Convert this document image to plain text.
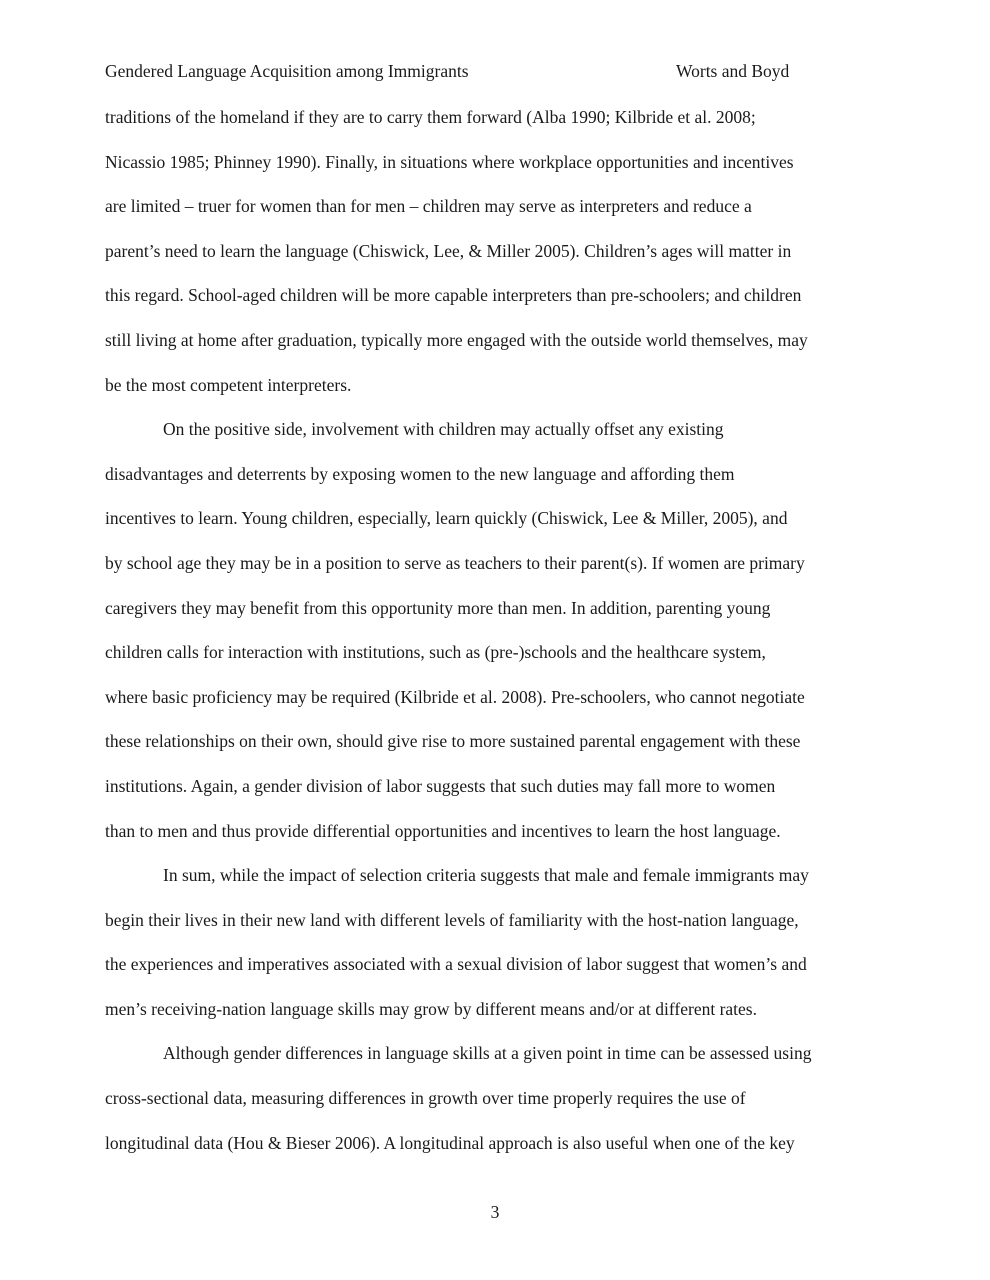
Gendered Language Acquisition among Immigrants	Worts and Boyd
traditions of the homeland if they are to carry them forward (Alba 1990; Kilbride et al. 2008;
Nicassio 1985; Phinney 1990). Finally, in situations where workplace opportunities and incentives
are limited – truer for women than for men – children may serve as interpreters and reduce a
parent’s need to learn the language (Chiswick, Lee, & Miller 2005). Children’s ages will matter in
this regard. School-aged children will be more capable interpreters than pre-schoolers; and children
still living at home after graduation, typically more engaged with the outside world themselves, may
be the most competent interpreters.
On the positive side, involvement with children may actually offset any existing
disadvantages and deterrents by exposing women to the new language and affording them
incentives to learn. Young children, especially, learn quickly (Chiswick, Lee & Miller, 2005), and
by school age they may be in a position to serve as teachers to their parent(s). If women are primary
caregivers they may benefit from this opportunity more than men. In addition, parenting young
children calls for interaction with institutions, such as (pre-)schools and the healthcare system,
where basic proficiency may be required (Kilbride et al. 2008). Pre-schoolers, who cannot negotiate
these relationships on their own, should give rise to more sustained parental engagement with these
institutions. Again, a gender division of labor suggests that such duties may fall more to women
than to men and thus provide differential opportunities and incentives to learn the host language.
In sum, while the impact of selection criteria suggests that male and female immigrants may
begin their lives in their new land with different levels of familiarity with the host-nation language,
the experiences and imperatives associated with a sexual division of labor suggest that women’s and
men’s receiving-nation language skills may grow by different means and/or at different rates.
Although gender differences in language skills at a given point in time can be assessed using
cross-sectional data, measuring differences in growth over time properly requires the use of
longitudinal data (Hou & Bieser 2006). A longitudinal approach is also useful when one of the key
3
